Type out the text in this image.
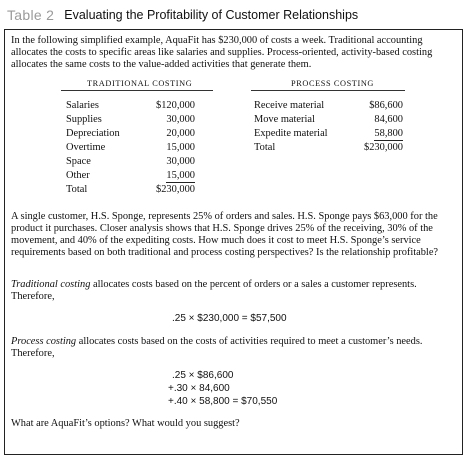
Table 2 Evaluating the Profitability of Customer Relationships
In the following simplified example, AquaFit has $230,000 of costs a week. Traditional accounting allocates the costs to specific areas like salaries and supplies. Process-oriented, activity-based costing allocates the same costs to the value-added activities that generate them.
TRADITIONAL COSTING	PROCESS COSTING
Salaries	$120,000
Supplies	30,000
Depreciation	20,000
Overtime	15,000
Space	30,000
Other	15,000
Total	$230,000
Receive material	$86,600
Move material	84,600
Expedite material	58,800
Total	$230,000
A single customer, H.S. Sponge, represents 25% of orders and sales. H.S. Sponge pays $63,000 for the product it purchases. Closer analysis shows that H.S. Sponge drives 25% of the receiving, 30% of the movement, and 40% of the expediting costs. How much does it cost to meet H.S. Sponge’s service requirements based on both traditional and process costing perspectives? Is the relationship profitable?
Traditional costing allocates costs based on the percent of orders or a sales a customer represents. Therefore,
.25 × $230,000 = $57,500
Process costing allocates costs based on the costs of activities required to meet a customer’s needs. Therefore,
.25 × $86,600
+.30 × 84,600
+.40 × 58,800 = $70,550
What are AquaFit’s options? What would you suggest?
